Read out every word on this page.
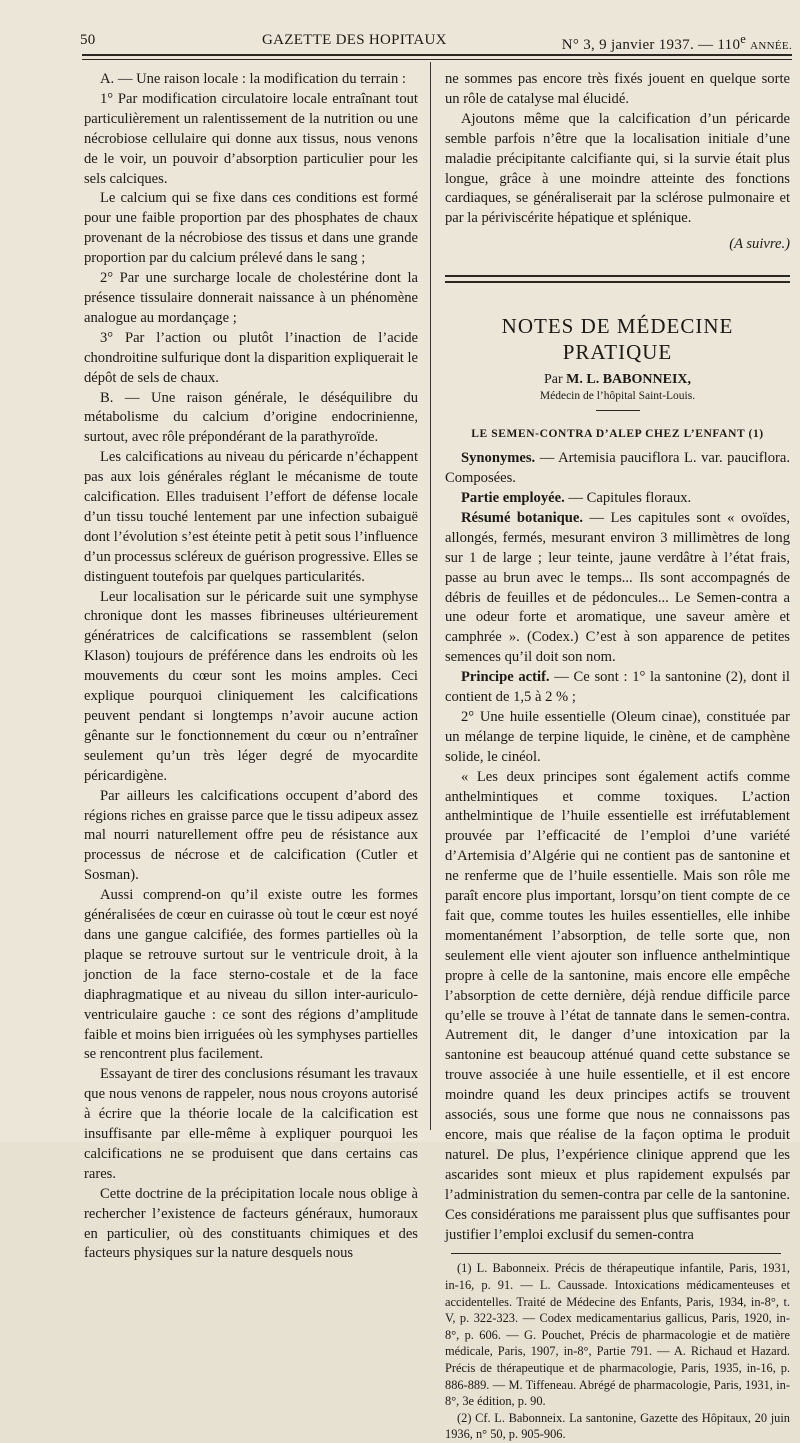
50	GAZETTE DES HOPITAUX	N° 3, 9 janvier 1937. — 110e ANNÉE.

A. — Une raison locale : la modification du terrain :

1° Par modification circulatoire locale entraînant tout particulièrement un ralentissement de la nutrition ou une nécrobiose cellulaire qui donne aux tissus, nous venons de le voir, un pouvoir d’absorption particulier pour les sels calciques.

Le calcium qui se fixe dans ces conditions est formé pour une faible proportion par des phosphates de chaux provenant de la nécrobiose des tissus et dans une grande proportion par du calcium prélevé dans le sang ;

2° Par une surcharge locale de cholestérine dont la présence tissulaire donnerait naissance à un phénomène analogue au mordançage ;

3° Par l’action ou plutôt l’inaction de l’acide chondroitine sulfurique dont la disparition expliquerait le dépôt de sels de chaux.

B. — Une raison générale, le déséquilibre du métabolisme du calcium d’origine endocrinienne, surtout, avec rôle prépondérant de la parathyroïde.

Les calcifications au niveau du péricarde n’échappent pas aux lois générales réglant le mécanisme de toute calcification. Elles traduisent l’effort de défense locale d’un tissu touché lentement par une infection subaiguë dont l’évolution s’est éteinte petit à petit sous l’influence d’un processus scléreux de guérison progressive. Elles se distinguent toutefois par quelques particularités.

Leur localisation sur le péricarde suit une symphyse chronique dont les masses fibrineuses ultérieurement génératrices de calcifications se rassemblent (selon Klason) toujours de préférence dans les endroits où les mouvements du cœur sont les moins amples. Ceci explique pourquoi cliniquement les calcifications peuvent pendant si longtemps n’avoir aucune action gênante sur le fonctionnement du cœur ou n’entraîner seulement qu’un très léger degré de myocardite péricardigène.

Par ailleurs les calcifications occupent d’abord des régions riches en graisse parce que le tissu adipeux assez mal nourri naturellement offre peu de résistance aux processus de nécrose et de calcification (Cutler et Sosman).

Aussi comprend-on qu’il existe outre les formes généralisées de cœur en cuirasse où tout le cœur est noyé dans une gangue calcifiée, des formes partielles où la plaque se retrouve surtout sur le ventricule droit, à la jonction de la face sterno-costale et de la face diaphragmatique et au niveau du sillon inter-auriculo-ventriculaire gauche : ce sont des régions d’amplitude faible et moins bien irriguées où les symphyses partielles se rencontrent plus facilement.

Essayant de tirer des conclusions résumant les travaux que nous venons de rappeler, nous nous croyons autorisé à écrire que la théorie locale de la calcification est insuffisante par elle-même à expliquer pourquoi les calcifications ne se produisent que dans certains cas rares.

Cette doctrine de la précipitation locale nous oblige à rechercher l’existence de facteurs généraux, humoraux en particulier, où des constituants chimiques et des facteurs physiques sur la nature desquels nous

ne sommes pas encore très fixés jouent en quelque sorte un rôle de catalyse mal élucidé.

Ajoutons même que la calcification d’un péricarde semble parfois n’être que la localisation initiale d’une maladie précipitante calcifiante qui, si la survie était plus longue, grâce à une moindre atteinte des fonctions cardiaques, se généraliserait par la sclérose pulmonaire et par la périviscérite hépatique et splénique.

(A suivre.)
NOTES DE MÉDECINE PRATIQUE
Par M. L. BABONNEIX,
Médecin de l’hôpital Saint-Louis.
LE SEMEN-CONTRA D’ALEP CHEZ L’ENFANT (1)

Synonymes. — Artemisia pauciflora L. var. pauciflora. Composées.

Partie employée. — Capitules floraux.

Résumé botanique. — Les capitules sont « ovoïdes, allongés, fermés, mesurant environ 3 millimètres de long sur 1 de large ; leur teinte, jaune verdâtre à l’état frais, passe au brun avec le temps... Ils sont accompagnés de débris de feuilles et de pédoncules... Le Semen-contra a une odeur forte et aromatique, une saveur amère et camphrée ». (Codex.) C’est à son apparence de petites semences qu’il doit son nom.

Principe actif. — Ce sont : 1° la santonine (2), dont il contient de 1,5 à 2 % ;

2° Une huile essentielle (Oleum cinae), constituée par un mélange de terpine liquide, le cinène, et de camphène solide, le cinéol.

« Les deux principes sont également actifs comme anthelmintiques et comme toxiques. L’action anthelmintique de l’huile essentielle est irréfutablement prouvée par l’efficacité de l’emploi d’une variété d’Artemisia d’Algérie qui ne contient pas de santonine et ne renferme que de l’huile essentielle. Mais son rôle me paraît encore plus important, lorsqu’on tient compte de ce fait que, comme toutes les huiles essentielles, elle inhibe momentanément l’absorption, de telle sorte que, non seulement elle vient ajouter son influence anthelmintique propre à celle de la santonine, mais encore elle empêche l’absorption de cette dernière, déjà rendue difficile parce qu’elle se trouve à l’état de tannate dans le semen-contra. Autrement dit, le danger d’une intoxication par la santonine est beaucoup atténué quand cette substance se trouve associée à une huile essentielle, et il est encore moindre quand les deux principes actifs se trouvent associés, sous une forme que nous ne connaissons pas encore, mais que réalise de la façon optima le produit naturel. De plus, l’expérience clinique apprend que les ascarides sont mieux et plus rapidement expulsés par l’administration du semen-contra par celle de la santonine. Ces considérations me paraissent plus que suffisantes pour justifier l’emploi exclusif du semen-contra

(1) L. Babonneix. Précis de thérapeutique infantile, Paris, 1931, in-16, p. 91. — L. Caussade. Intoxications médicamenteuses et accidentelles. Traité de Médecine des Enfants, Paris, 1934, in-8°, t. V, p. 322-323. — Codex medicamentarius gallicus, Paris, 1920, in-8°, p. 606. — G. Pouchet, Précis de pharmacologie et de matière médicale, Paris, 1907, in-8°, Partie 791. — A. Richaud et Hazard. Précis de thérapeutique et de pharmacologie, Paris, 1935, in-16, p. 886-889. — M. Tiffeneau. Abrégé de pharmacologie, Paris, 1931, in-8°, 3e édition, p. 90.

(2) Cf. L. Babonneix. La santonine, Gazette des Hôpitaux, 20 juin 1936, n° 50, p. 905-906.
